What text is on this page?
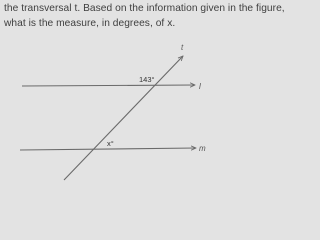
the transversal t. Based on the information given in the figure,
what is the measure, in degrees, of x.
t
l
m
143°
x°
